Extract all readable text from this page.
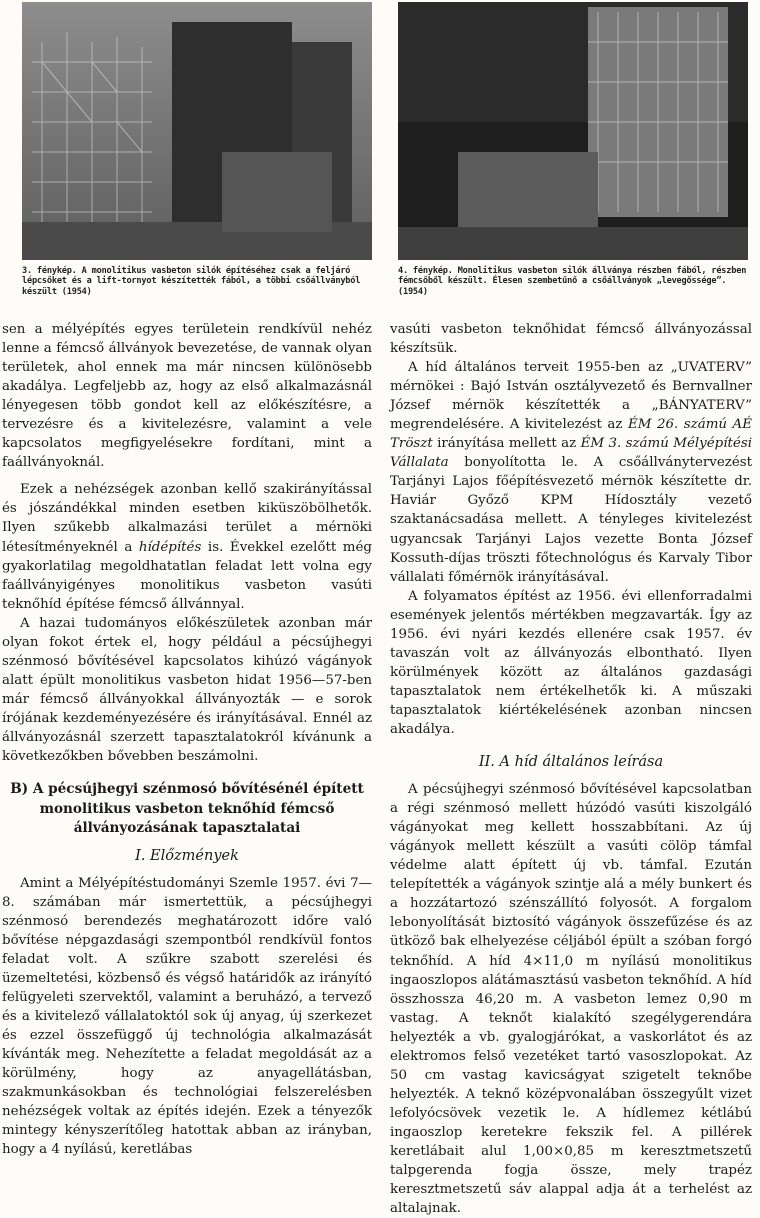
3. fénykép. A monolitikus vasbeton silók építéséhez csak a feljáró lépcsőket és a lift-tornyot készítették fából, a többi csőállványból készült (1954)
4. fénykép. Monolitikus vasbeton silók állványa részben fából, részben fémcsőből készült. Élesen szembetűnő a csőállványok „levegőssége”. (1954)

sen a mélyépítés egyes területein rendkívül nehéz lenne a fémcső állványok bevezetése, de vannak olyan területek, ahol ennek ma már nincsen különösebb akadálya. Legfeljebb az, hogy az első alkalmazásnál lényegesen több gondot kell az előkészítésre, a tervezésre és a kivitelezésre, valamint a vele kapcsolatos megfigyelésekre fordítani, mint a faállványoknál.

Ezek a nehézségek azonban kellő szakirányítással és jószándékkal minden esetben kiküszöbölhetők. Ilyen szűkebb alkalmazási terület a mérnöki létesítményeknél a hídépítés is. Évekkel ezelőtt még gyakorlatilag megoldhatatlan feladat lett volna egy faállványigényes monolitikus vasbeton vasúti teknőhíd építése fémcső állvánnyal.

A hazai tudományos előkészületek azonban már olyan fokot értek el, hogy például a pécsújhegyi szénmosó bővítésével kapcsolatos kihúzó vágányok alatt épült monolitikus vasbeton hidat 1956—57-ben már fémcső állványokkal állványozták — e sorok írójának kezdeményezésére és irányításával. Ennél az állványozásnál szerzett tapasztalatokról kívánunk a következőkben bővebben beszámolni.

B) A pécsújhegyi szénmosó bővítésénél épített monolitikus vasbeton teknőhíd fémcső állványozásának tapasztalatai

I. Előzmények

Amint a Mélyépítéstudományi Szemle 1957. évi 7—8. számában már ismertettük, a pécsújhegyi szénmosó berendezés meghatározott időre való bővítése népgazdasági szempontból rendkívül fontos feladat volt. A szűkre szabott szerelési és üzemeltetési, közbenső és végső határidők az irányító felügyeleti szervektől, valamint a beruházó, a tervező és a kivitelező vállalatoktól sok új anyag, új szerkezet és ezzel összefüggő új technológia alkalmazását kívánták meg. Nehezítette a feladat megoldását az a körülmény, hogy az anyagellátásban, szakmunkásokban és technológiai felszerelésben nehézségek voltak az építés idején. Ezek a tényezők mintegy kényszerítőleg hatottak abban az irányban, hogy a 4 nyílású, keretlábas

vasúti vasbeton teknőhidat fémcső állványozással készítsük.

A híd általános terveit 1955-ben az „UVATERV” mérnökei : Bajó István osztályvezető és Bernvallner József mérnök készítették a „BÁNYATERV” megrendelésére. A kivitelezést az ÉM 26. számú AÉ Tröszt irányítása mellett az ÉM 3. számú Mélyépítési Vállalata bonyolította le. A csőállványtervezést Tarjányi Lajos főépítésvezető mérnök készítette dr. Haviár Győző KPM Hídosztály vezető szaktanácsadása mellett. A tényleges kivitelezést ugyancsak Tarjányi Lajos vezette Bonta József Kossuth-díjas tröszti főtechnológus és Karvaly Tibor vállalati főmérnök irányításával.

A folyamatos építést az 1956. évi ellenforradalmi események jelentős mértékben megzavarták. Így az 1956. évi nyári kezdés ellenére csak 1957. év tavaszán volt az állványozás elbontható. Ilyen körülmények között az általános gazdasági tapasztalatok nem értékelhetők ki. A műszaki tapasztalatok kiértékelésének azonban nincsen akadálya.

II. A híd általános leírása

A pécsújhegyi szénmosó bővítésével kapcsolatban a régi szénmosó mellett húzódó vasúti kiszolgáló vágányokat meg kellett hosszabbítani. Az új vágányok mellett készült a vasúti cölöp támfal védelme alatt épített új vb. támfal. Ezután telepítették a vágányok szintje alá a mély bunkert és a hozzátartozó szénszállító folyosót. A forgalom lebonyolítását biztosító vágányok összefűzése és az ütköző bak elhelyezése céljából épült a szóban forgó teknőhíd. A híd 4×11,0 m nyílású monolitikus ingaoszlopos alátámasztású vasbeton teknőhíd. A híd összhossza 46,20 m. A vasbeton lemez 0,90 m vastag. A teknőt kialakító szegélygerendára helyezték a vb. gyalogjárókat, a vaskorlátot és az elektromos felső vezetéket tartó vasoszlopokat. Az 50 cm vastag kavicságyat szigetelt teknőbe helyezték. A teknő középvonalában összegyűlt vizet lefolyócsövek vezetik le. A hídlemez kétlábú ingaoszlop keretekre fekszik fel. A pillérek keretlábait alul 1,00×0,85 m keresztmetszetű talpgerenda fogja össze, mely trapéz keresztmetszetű sáv alappal adja át a terhelést az altalajnak.
